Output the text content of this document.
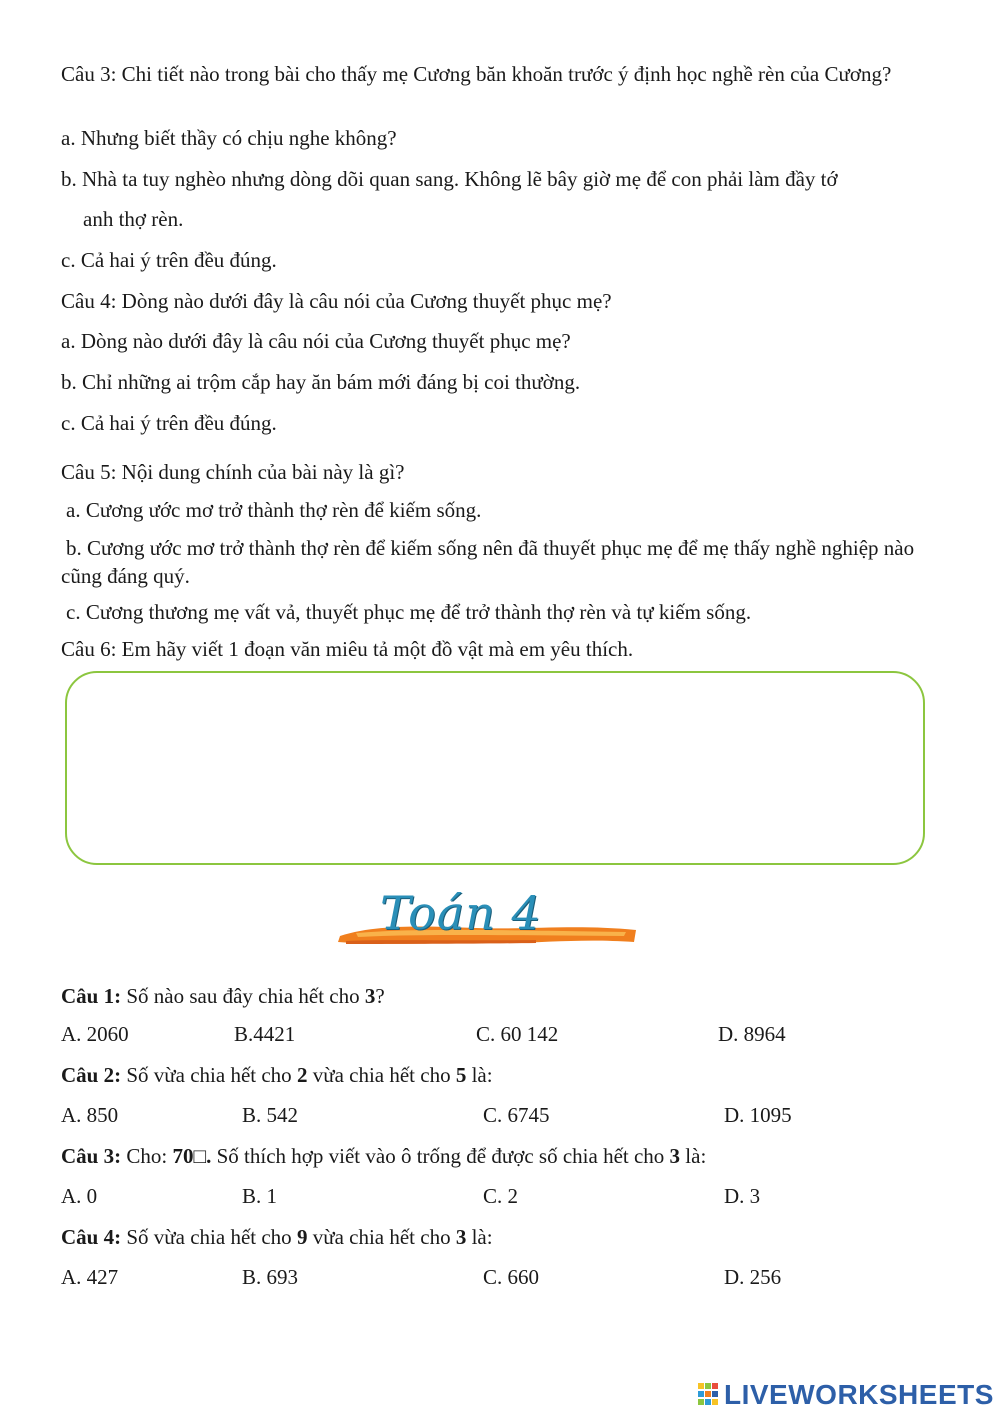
Câu 3: Chi tiết nào trong bài cho thấy mẹ Cương băn khoăn trước ý định học nghề rèn của Cương?
a. Nhưng biết thầy có chịu nghe không?
b. Nhà ta tuy nghèo nhưng dòng dõi quan sang. Không lẽ bây giờ mẹ để con phải làm đầy tớ
anh thợ rèn.
c. Cả hai ý trên đều đúng.
Câu 4: Dòng nào dưới đây là câu nói của Cương thuyết phục mẹ?
a. Dòng nào dưới đây là câu nói của Cương thuyết phục mẹ?
b. Chỉ những ai trộm cắp hay ăn bám mới đáng bị coi thường.
c. Cả hai ý trên đều đúng.
Câu 5: Nội dung chính của bài này là gì?
a. Cương ước mơ trở thành thợ rèn để kiếm sống.
b. Cương ước mơ trở thành thợ rèn để kiếm sống nên đã thuyết phục mẹ để mẹ thấy nghề nghiệp nào cũng đáng quý.
c. Cương thương mẹ vất vả, thuyết phục mẹ để trở thành thợ rèn và tự kiếm sống.
Câu 6: Em hãy viết 1 đoạn văn miêu tả một đồ vật mà em yêu thích.
Toán 4
Câu 1: Số nào sau đây chia hết cho 3?
A. 2060	B.4421	C. 60 142	D. 8964
Câu 2: Số vừa chia hết cho 2 vừa chia hết cho 5 là:
A. 850	B. 542	C. 6745	D. 1095
Câu 3: Cho: 70□. Số thích hợp viết vào ô trống để được số chia hết cho 3 là:
A. 0	B. 1	C. 2	D. 3
Câu 4: Số vừa chia hết cho 9 vừa chia hết cho 3 là:
A. 427	B. 693	C. 660	D. 256
LIVEWORKSHEETS
